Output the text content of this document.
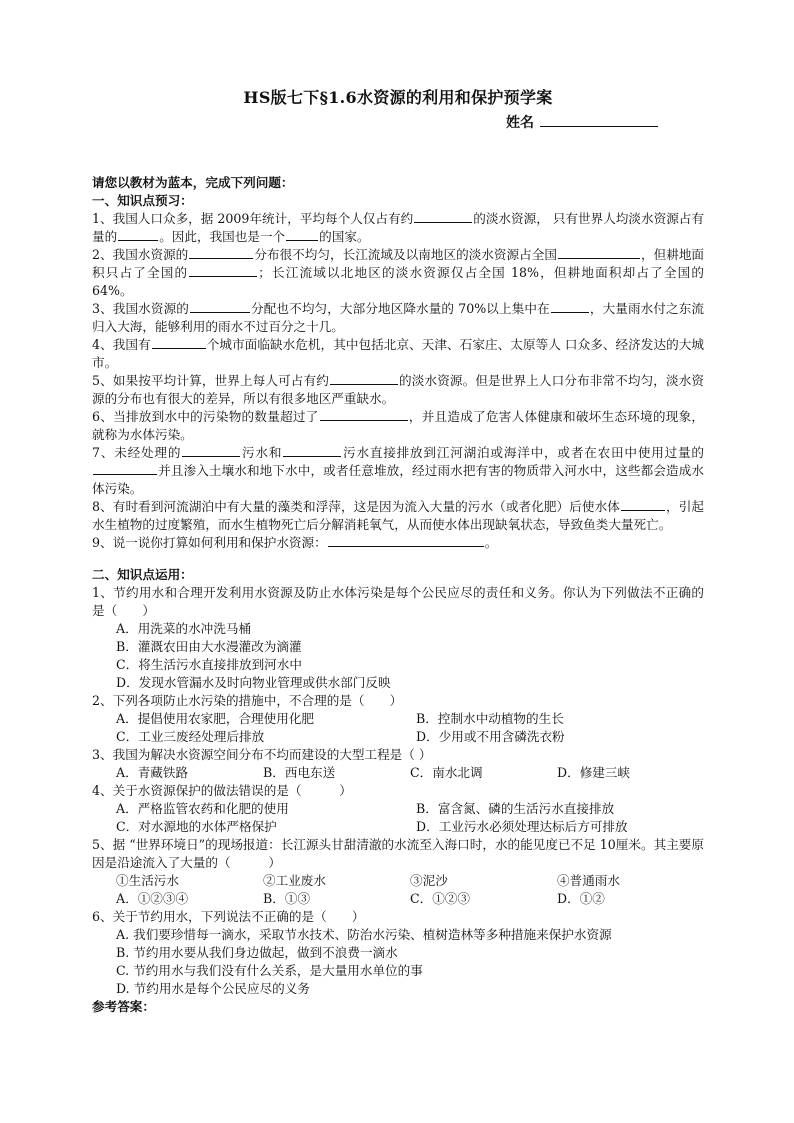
HS版七下§1.6水资源的利用和保护预学案
姓名

请您以教材为蓝本，完成下列问题：

一、知识点预习：

1、我国人口众多，据 2009年统计，平均每个人仅占有约	的淡水资源， 只有世界人均淡水资源占有量的	。因此，我国也是一个	的国家。

2、我国水资源的	分布很不均匀，长江流域及以南地区的淡水资源占全国	，但耕地面积只占了全国的	；长江流域以北地区的淡水资源仅占全国 18%，但耕地面积却占了全国的 64%。

3、我国水资源的	分配也不均匀，大部分地区降水量的 70%以上集中在	，大量雨水付之东流归入大海，能够利用的雨水不过百分之十几。

4、我国有	个城市面临缺水危机，其中包括北京、天津、石家庄、太原等人 口众多、经济发达的大城市。

5、如果按平均计算，世界上每人可占有约	的淡水资源。但是世界上人口分布非常不均匀，淡水资源的分布也有很大的差异，所以有很多地区严重缺水。

6、当排放到水中的污染物的数量超过了	，并且造成了危害人体健康和破坏生态环境的现象，就称为水体污染。

7、未经处理的	污水和	污水直接排放到江河湖泊或海洋中，或者在农田中使用过量的并且渗入土壤水和地下水中，或者任意堆放，经过雨水把有害的物质带入河水中，这些都会造成水体污染。

8、有时看到河流湖泊中有大量的藻类和浮萍，这是因为流入大量的污水（或者化肥）后使水体	，引起水生植物的过度繁殖，而水生植物死亡后分解消耗氧气，从而使水体出现缺氧状态，导致鱼类大量死亡。

9、说一说你打算如何利用和保护水资源：	。

二、知识点运用：

1、节约用水和合理开发利用水资源及防止水体污染是每个公民应尽的责任和义务。你认为下列做法不正确的是（　　）

A．用洗菜的水冲洗马桶
B．灌溉农田由大水漫灌改为滴灌
C．将生活污水直接排放到河水中
D．发现水管漏水及时向物业管理或供水部门反映

2、下列各项防止水污染的措施中，不合理的是（　　）

A．提倡使用农家肥，合理使用化肥	B．控制水中动植物的生长
C．工业三废经处理后排放	D．少用或不用含磷洗衣粉

3、我国为解决水资源空间分布不均而建设的大型工程是（ ）

A．青藏铁路	B．西电东送	C．南水北调	D．修建三峡

4、关于水资源保护的做法错误的是（　　　）

A．严格监管农药和化肥的使用	B．富含氮、磷的生活污水直接排放
C．对水源地的水体严格保护	D．工业污水必须处理达标后方可排放

5、据 “世界环境日”的现场报道：长江源头甘甜清澈的水流至入海口时，水的能见度已不足 10厘米。其主要原因是沿途流入了大量的（　　　）

①生活污水	②工业废水	③泥沙	④普通雨水
A．①②③④	B．①③	C．①②③	D．①②

6、关于节约用水，下列说法不正确的是（　　）

A. 我们要珍惜每一滴水，采取节水技术、防治水污染、植树造林等多种措施来保护水资源
B. 节约用水要从我们身边做起，做到不浪费一滴水
C. 节约用水与我们没有什么关系，是大量用水单位的事
D. 节约用水是每个公民应尽的义务

参考答案：
